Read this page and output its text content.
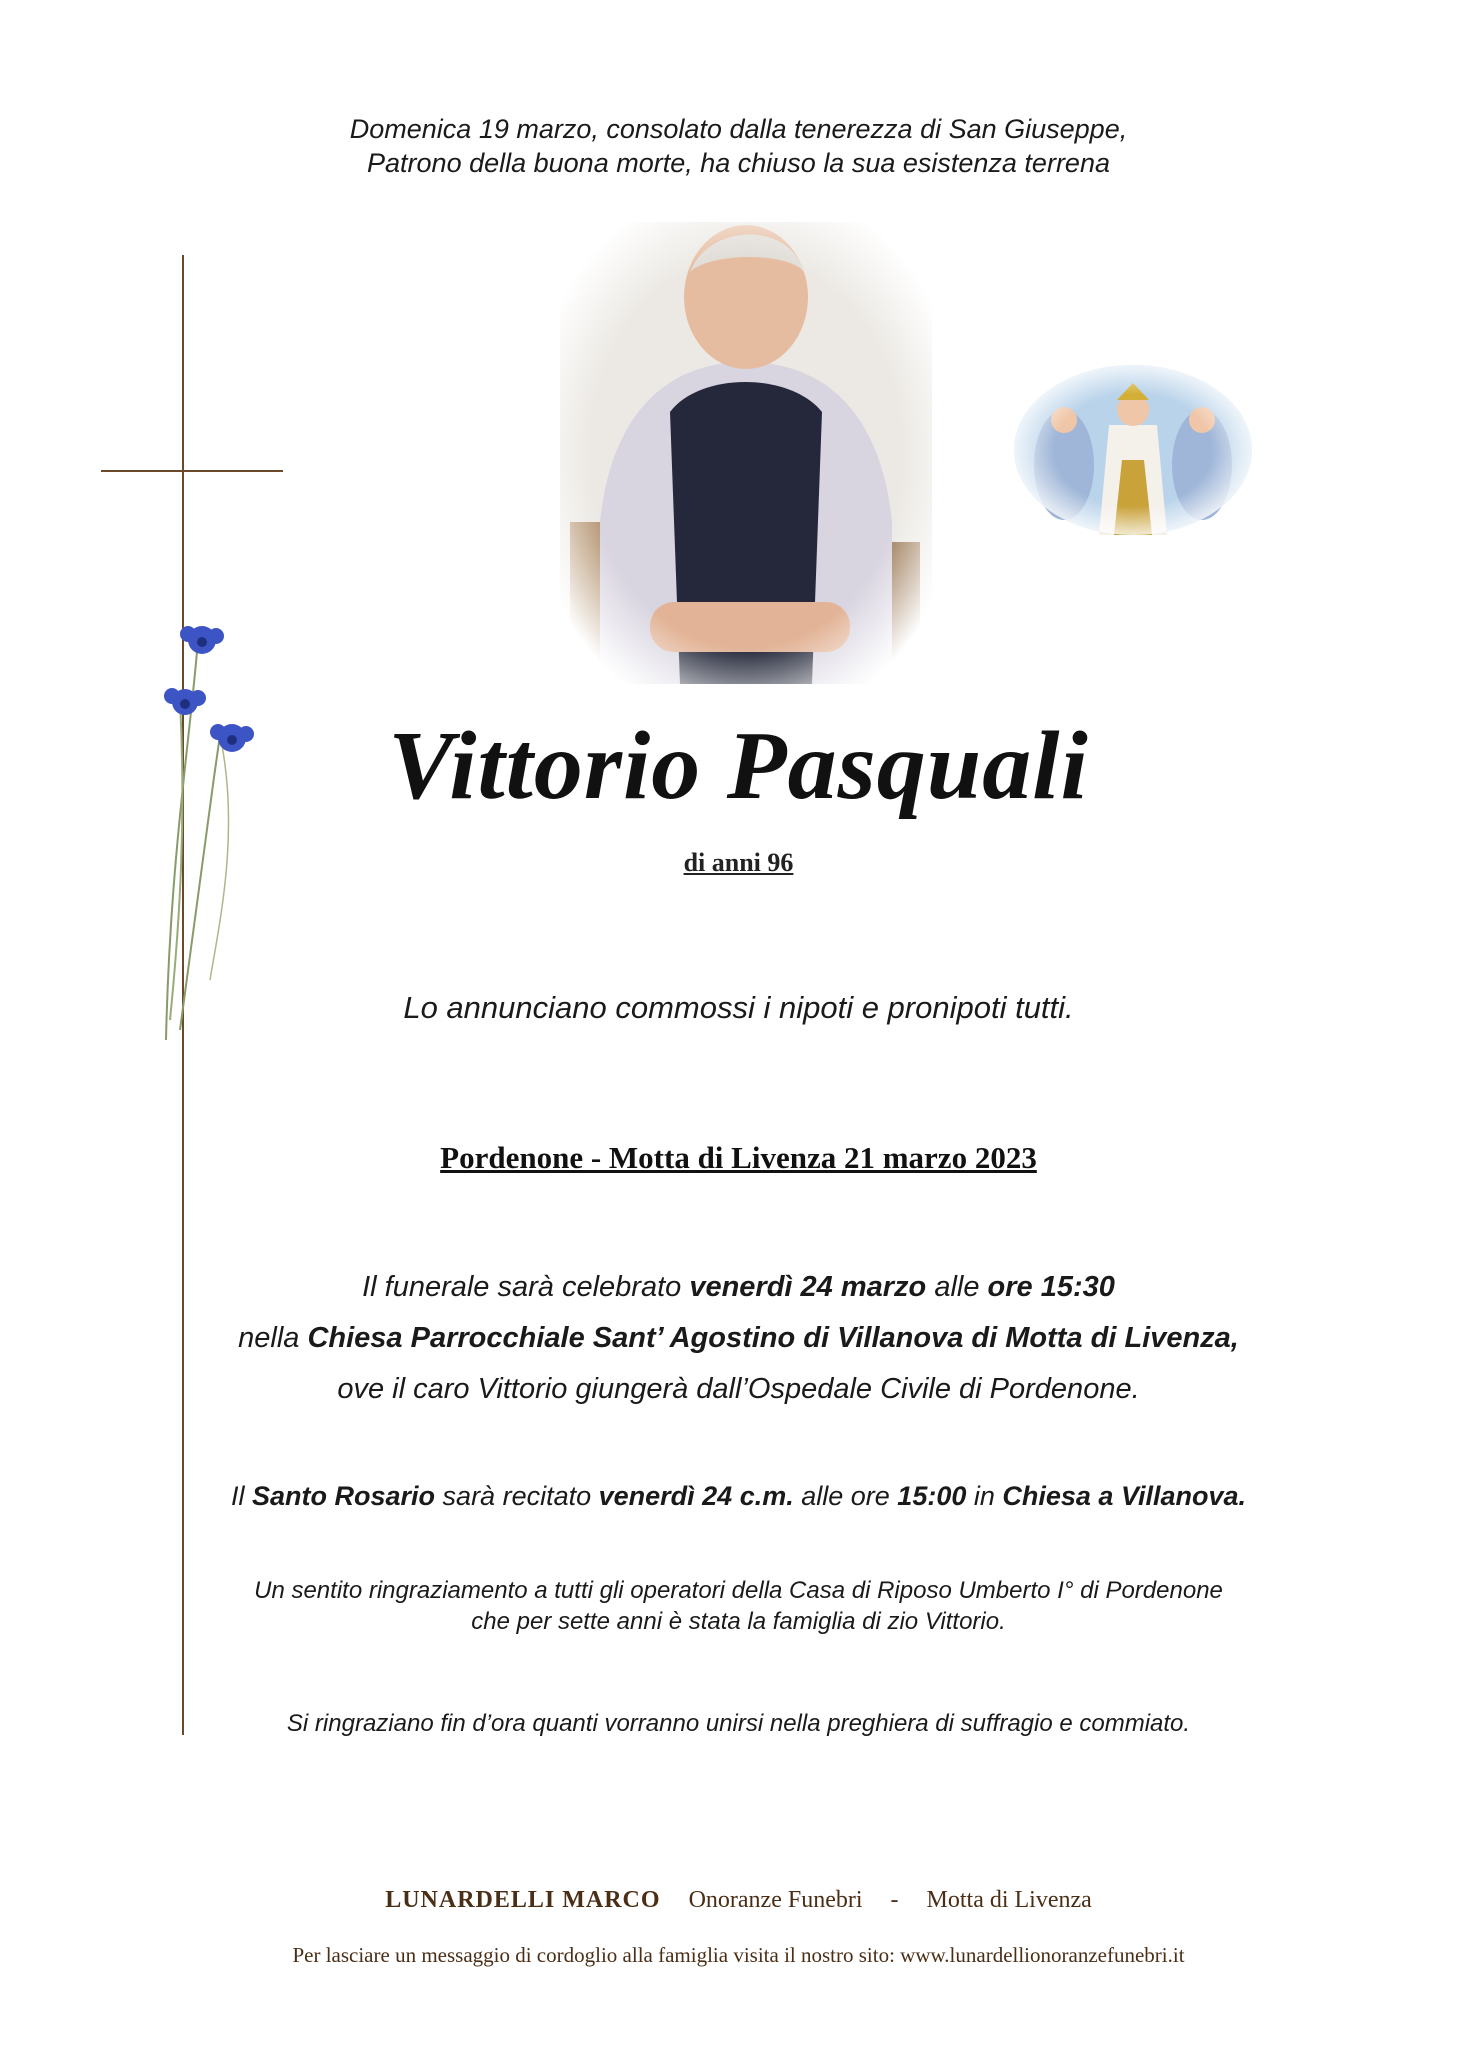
Domenica 19 marzo, consolato dalla tenerezza di San Giuseppe,
Patrono della buona morte, ha chiuso la sua esistenza terrena
Vittorio Pasquali
di anni 96
Lo annunciano commossi i nipoti e pronipoti tutti.
Pordenone - Motta di Livenza 21 marzo 2023
Il funerale sarà celebrato venerdì 24 marzo alle ore 15:30
nella Chiesa Parrocchiale Sant’ Agostino di Villanova di Motta di Livenza,
ove il caro Vittorio giungerà dall’Ospedale Civile di Pordenone.
Il Santo Rosario sarà recitato venerdì 24 c.m. alle ore 15:00 in Chiesa a Villanova.
Un sentito ringraziamento a tutti gli operatori della Casa di Riposo Umberto I° di Pordenone
che per sette anni è stata la famiglia di zio Vittorio.
Si ringraziano fin d’ora quanti vorranno unirsi nella preghiera di suffragio e commiato.
LUNARDELLI MARCO Onoranze Funebri - Motta di Livenza
Per lasciare un messaggio di cordoglio alla famiglia visita il nostro sito: www.lunardellionoranzefunebri.it
